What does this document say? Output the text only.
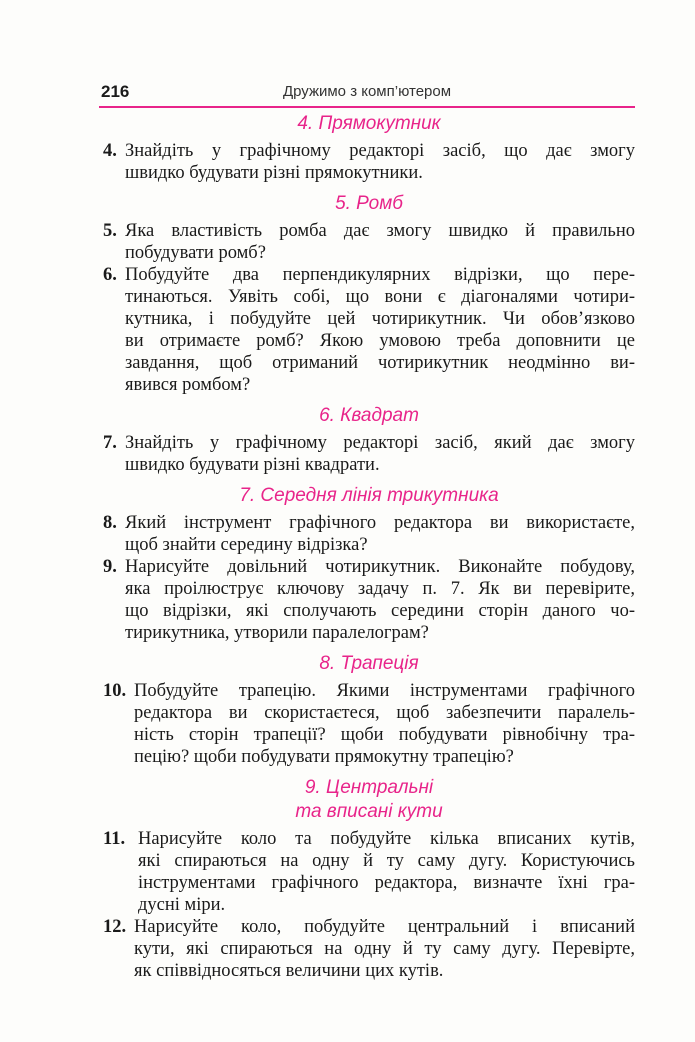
216	Дружимо з комп’ютером
4. Прямокутник
4. Знайдіть у графічному редакторі засіб, що дає змогу
швидко будувати різні прямокутники.
5. Ромб
5. Яка властивість ромба дає змогу швидко й правильно
побудувати ромб?
6. Побудуйте два перпендикулярних відрізки, що пере-
тинаються. Уявіть собі, що вони є діагоналями чотири-
кутника, і побудуйте цей чотирикутник. Чи обов’язково
ви отримаєте ромб? Якою умовою треба доповнити це
завдання, щоб отриманий чотирикутник неодмінно ви-
явився ромбом?
6. Квадрат
7. Знайдіть у графічному редакторі засіб, який дає змогу
швидко будувати різні квадрати.
7. Середня лінія трикутника
8. Який інструмент графічного редактора ви використаєте,
щоб знайти середину відрізка?
9. Нарисуйте довільний чотирикутник. Виконайте побудову,
яка проілюструє ключову задачу п. 7. Як ви перевірите,
що відрізки, які сполучають середини сторін даного чо-
тирикутника, утворили паралелограм?
8. Трапеція
10. Побудуйте трапецію. Якими інструментами графічного
редактора ви скористаєтеся, щоб забезпечити паралель-
ність сторін трапеції? щоби побудувати рівнобічну тра-
пецію? щоби побудувати прямокутну трапецію?
9. Центральні
та вписані кути
11. Нарисуйте коло та побудуйте кілька вписаних кутів,
які спираються на одну й ту саму дугу. Користуючись
інструментами графічного редактора, визначте їхні гра-
дусні міри.
12. Нарисуйте коло, побудуйте центральний і вписаний
кути, які спираються на одну й ту саму дугу. Перевірте,
як співвідносяться величини цих кутів.
